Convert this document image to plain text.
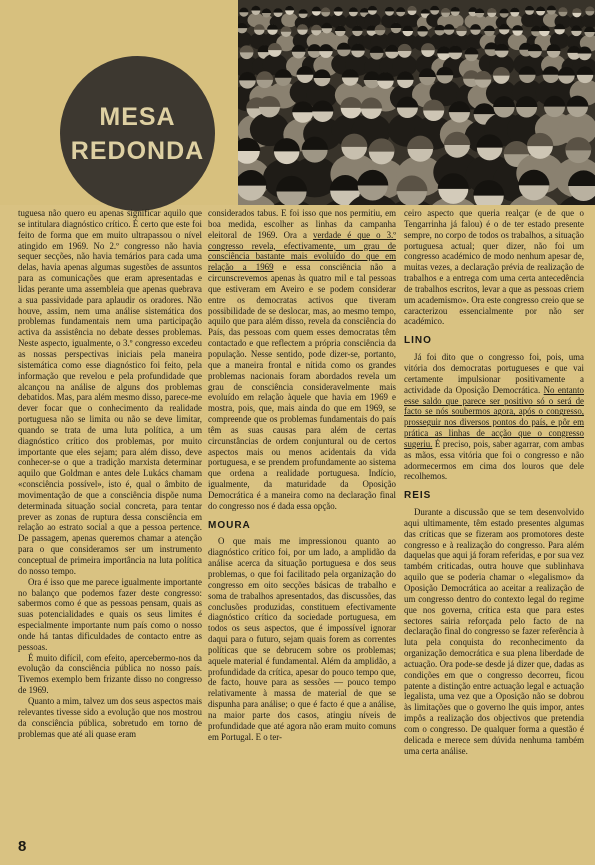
MESA
REDONDA

tuguesa não quero eu apenas significar aquilo que se intitulara diagnóstico crítico. É certo que este foi feito de forma que em muito ultrapassou o nível atingido em 1969. No 2.º congresso não havia sequer secções, não havia temários para cada uma delas, havia apenas algumas sugestões de assuntos para as comunicações que eram apresentadas e lidas perante uma assembleia que apenas quebrava a sua passividade para aplaudir os oradores. Não houve, assim, nem uma análise sistemática dos problemas fundamentais nem uma participação activa da assistência no debate desses problemas. Neste aspecto, igualmente, o 3.º congresso excedeu as nossas perspectivas iniciais pela maneira sistemática como esse diagnóstico foi feito, pela informação que revelou e pela profundidade que alcançou na análise de alguns dos problemas debatidos. Mas, para além mesmo disso, parece-me dever focar que o conhecimento da realidade portuguesa não se limita ou não se deve limitar, quando se trata de uma luta política, a um diagnóstico crítico dos problemas, por muito importante que eles sejam; para além disso, deve conhecer-se o que a tradição marxista determinar aquilo que Goldman e antes dele Lukács chamam «consciência possível», isto é, qual o âmbito de movimentação de que a consciência dispõe numa determinada situação social concreta, para tentar prever as zonas de ruptura dessa consciência em relação ao estrato social a que a pessoa pertence. De passagem, apenas queremos chamar a atenção para o que consideramos ser um instrumento conceptual de primeira importância na luta política do nosso tempo.

Ora é isso que me parece igualmente importante no balanço que podemos fazer deste congresso: sabermos como é que as pessoas pensam, quais as suas potencialidades e quais os seus limites é especialmente importante num país como o nosso onde há tantas dificuldades de contacto entre as pessoas.

É muito difícil, com efeito, apercebermo-nos da evolução da consciência pública no nosso país. Tivemos exemplo bem frizante disso no congresso de 1969.

Quanto a mim, talvez um dos seus aspectos mais relevantes tivesse sido a evolução que nos mostrou da consciência pública, sobretudo em torno de problemas que até ali quase eram

considerados tabus. E foi isso que nos permitiu, em boa medida, escolher as linhas da campanha eleitoral de 1969. Ora a verdade é que o 3.º congresso revela, efectivamente, um grau de consciência bastante mais evoluído do que em relação a 1969 e essa consciência não a circunscrevemos apenas às quatro mil e tal pessoas que estiveram em Aveiro e se podem considerar entre os democratas activos que tiveram possibilidade de se deslocar, mas, ao mesmo tempo, aquilo que para além disso, revela da consciência do País, das pessoas com quem esses democratas têm contactado e que reflectem a própria consciência da população. Nesse sentido, pode dizer-se, portanto, que a maneira frontal e nítida como os grandes problemas nacionais foram abordados revela um grau de consciência consideravelmente mais evoluído em relação àquele que havia em 1969 e mostra, pois, que, mais ainda do que em 1969, se compreende que os problemas fundamentais do país têm as suas causas para além de certas circunstâncias de ordem conjuntural ou de certos aspectos mais ou menos acidentais da vida portuguesa, e se prendem profundamente ao sistema que ordena a realidade portuguesa. Indício, igualmente, da maturidade da Oposição Democrática é a maneira como na declaração final do congresso nos é dada essa opção.

MOURA

O que mais me impressionou quanto ao diagnóstico crítico foi, por um lado, a amplidão da análise acerca da situação portuguesa e dos seus problemas, o que foi facilitado pela organização do congresso em oito secções básicas de trabalho e soma de trabalhos apresentados, das discussões, das conclusões produzidas, constituem efectivamente diagnóstico crítico da sociedade portuguesa, em todos os seus aspectos, que é impossível ignorar daqui para o futuro, sejam quais forem as correntes políticas que se debrucem sobre os problemas; aquele material é fundamental. Além da amplidão, a profundidade da crítica, apesar do pouco tempo que, de facto, houve para as sessões — pouco tempo relativamente à massa de material de que se dispunha para análise; o que é facto é que a análise, na maior parte dos casos, atingiu níveis de profundidade que até agora não eram muito comuns em Portugal. E o ter-

ceiro aspecto que queria realçar (e de que o Tengarrinha já falou) é o de ter estado presente sempre, no corpo de todos os trabalhos, a situação portuguesa actual; quer dizer, não foi um congresso académico de modo nenhum apesar de, muitas vezes, a declaração prévia de realização de trabalhos e a entrega com uma certa antecedência de trabalhos escritos, levar a que as pessoas criem um academismo». Ora este congresso creio que se caracterizou essencialmente por não ser académico.

LINO

Já foi dito que o congresso foi, pois, uma vitória dos democratas portugueses e que vai certamente impulsionar positivamente a actividade da Oposição Democrática. No entanto esse saldo que parece ser positivo só o será de facto se nós soubermos agora, após o congresso, prosseguir nos diversos pontos do país, e pôr em prática as linhas de acção que o congresso sugeriu. É preciso, pois, saber agarrar, com ambas as mãos, essa vitória que foi o congresso e não adormecermos em cima dos louros que dele recolhemos.

REIS

Durante a discussão que se tem desenvolvido aqui ultimamente, têm estado presentes algumas das críticas que se fizeram aos promotores deste congresso e à realização do congresso. Para além daquelas que aqui já foram referidas, e por sua vez também criticadas, outra houve que sublinhava aquilo que se poderia chamar o «legalismo» da Oposição Democrática ao aceitar a realização de um congresso dentro do contexto legal do regime que nos governa, crítica esta que para estes sectores sairia reforçada pelo facto de na declaração final do congresso se fazer referência à luta pela conquista do reconhecimento da organização democrática e sua plena liberdade de actuação. Ora pode-se desde já dizer que, dadas as condições em que o congresso decorreu, ficou patente a distinção entre actuação legal e actuação legalista, uma vez que a Oposição não se dobrou às limitações que o governo lhe quis impor, antes impôs a realização dos objectivos que pretendia com o congresso. De qualquer forma a questão é delicada e merece sem dúvida nenhuma também uma certa análise.

8
